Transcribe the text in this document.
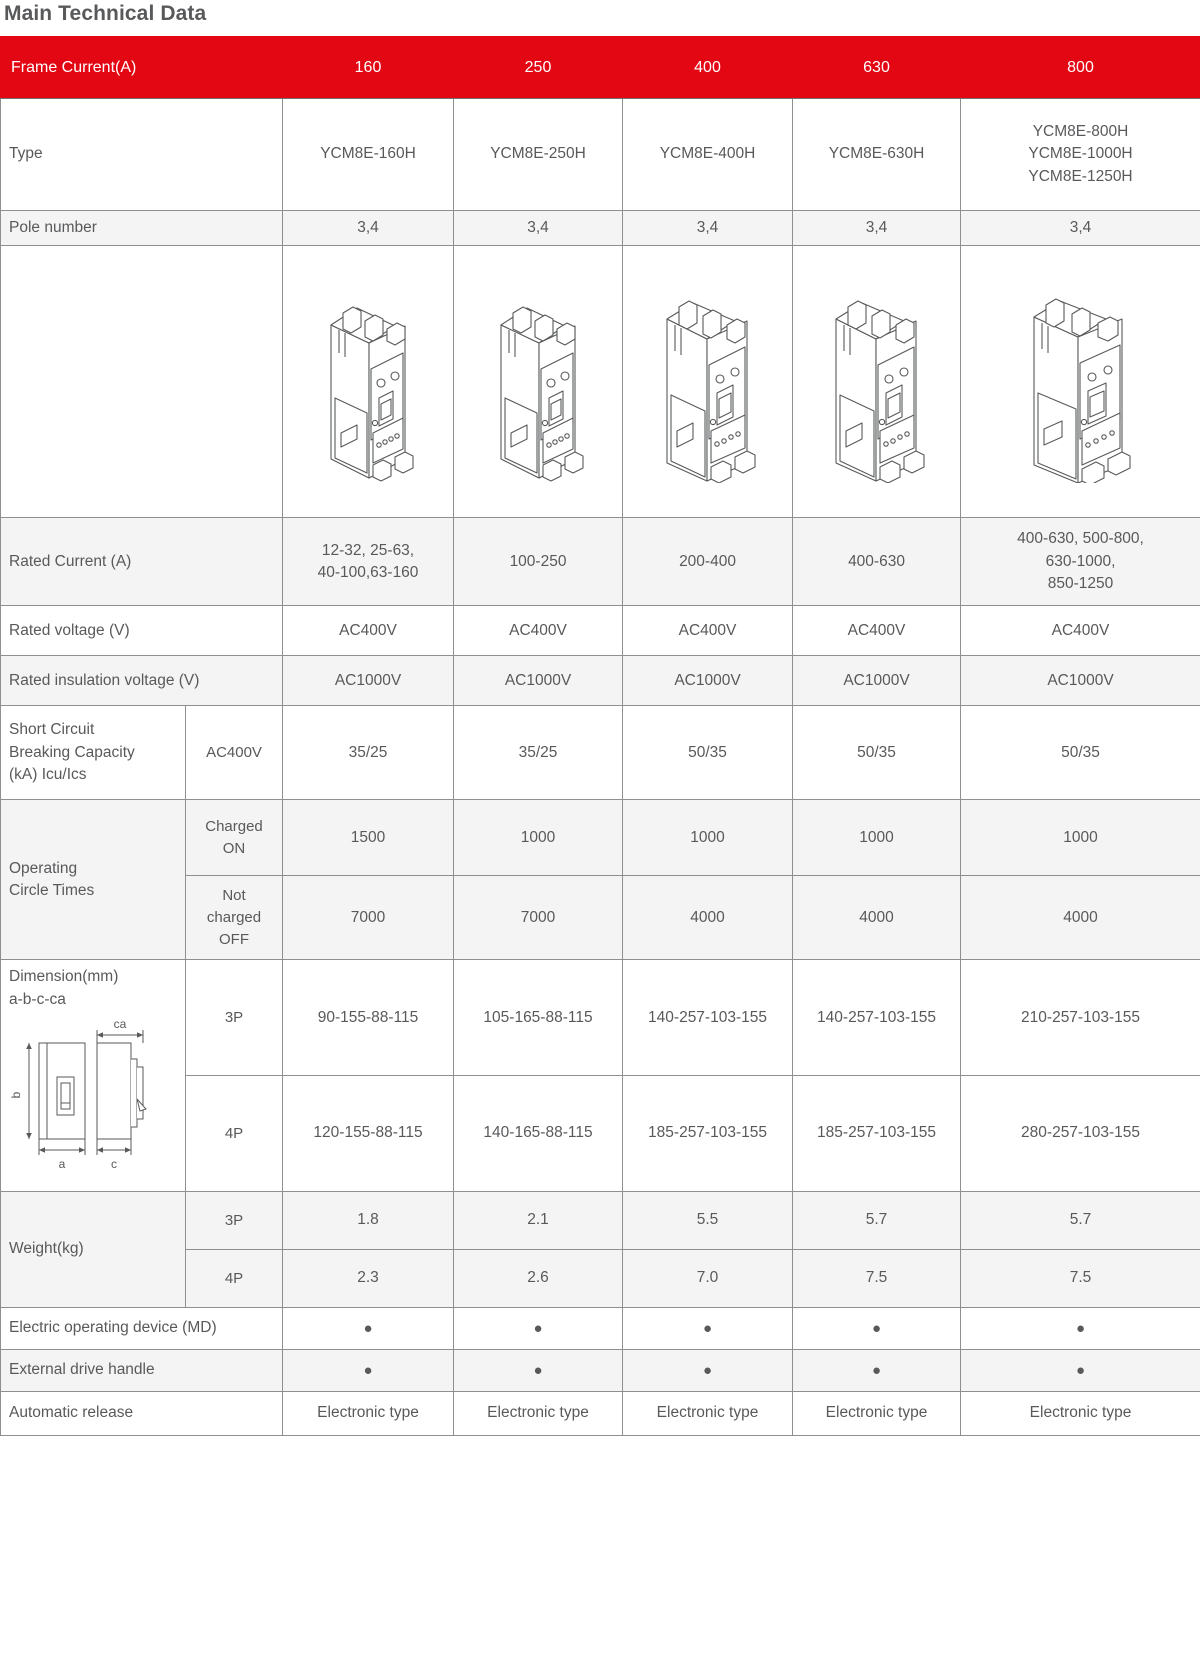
Main Technical Data
Frame Current(A)		160	250	400	630	800
Type		YCM8E-160H	YCM8E-250H	YCM8E-400H	YCM8E-630H	YCM8E-800H
YCM8E-1000H
YCM8E-1250H
Pole number		3,4	3,4	3,4	3,4	3,4

Rated Current (A)		12-32, 25-63,
40-100,63-160	100-250	200-400	400-630	400-630, 500-800,
630-1000,
850-1250
Rated voltage (V)		AC400V	AC400V	AC400V	AC400V	AC400V
Rated insulation voltage (V)		AC1000V	AC1000V	AC1000V	AC1000V	AC1000V
Short Circuit
Breaking Capacity
(kA) Icu/Ics	AC400V	35/25	35/25	50/35	50/35	50/35
Operating
Circle Times	Charged
ON	1500	1000	1000	1000	1000
	Not
charged
OFF	7000	7000	4000	4000	4000

Dimension(mm)
a-b-c-ca
ca
b
a	c
	3P	90-155-88-115	105-165-88-115	140-257-103-155	140-257-103-155	210-257-103-155
	4P	120-155-88-115	140-165-88-115	185-257-103-155	185-257-103-155	280-257-103-155
Weight(kg)	3P	1.8	2.1	5.5	5.7	5.7
	4P	2.3	2.6	7.0	7.5	7.5
Electric operating device (MD)		●	●	●	●	●
External drive handle		●	●	●	●	●
Automatic release		Electronic type	Electronic type	Electronic type	Electronic type	Electronic type
